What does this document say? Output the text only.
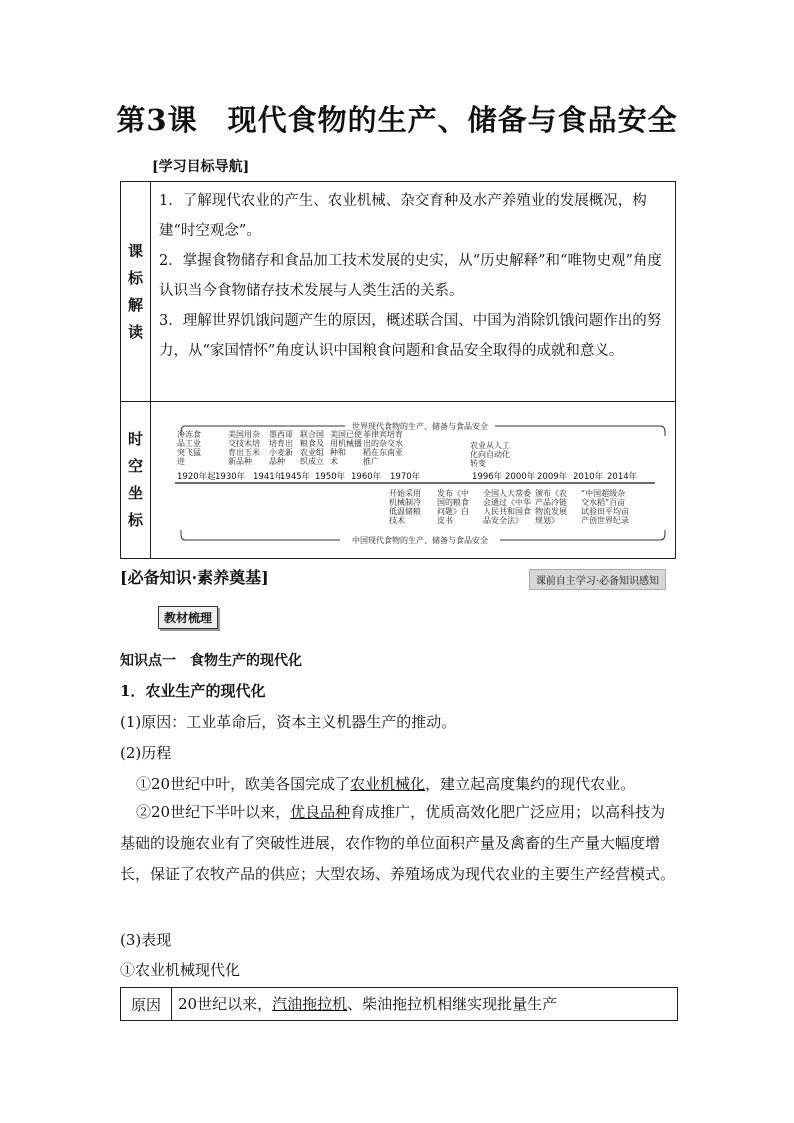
第3课　现代食物的生产、储备与食品安全
[学习目标导航]
课
标
解
读

1．了解现代农业的产生、农业机械、杂交育种及水产养殖业的发展概况，构建“时空观念”。

2．掌握食物储存和食品加工技术发展的史实，从“历史解释”和“唯物史观”角度认识当今食物储存技术发展与人类生活的关系。

3．理解世界饥饿问题产生的原因，概述联合国、中国为消除饥饿问题作出的努力，从“家国情怀”角度认识中国粮食问题和食品安全取得的成就和意义。

时
空
坐
标
世界现代食物的生产、储备与食品安全
中国现代食物的生产、储备与食品安全
1920年起 1930年 1941年
1945年 1950年 1960年 1970年	1996年 2000年 2009年 2010年 2014年
冷冻食
品工业
突飞猛
进
美国用杂
交技术培
育出玉米
新品种
墨西哥
培育出
小麦新
品种
联合国
粮食及
农业组
织成立
美国已使
用机械播
种和
术
菲律宾培育
出的杂交水
稻在东南亚
推广
农业从人工
化向自动化
转变
开始采用
机械制冷
低温储粮
技术
发布《中
国的粮食
问题》白
皮书
全国人大常委
会通过《中华
人民共和国食
品安全法》
颁布《农
产品冷链
物流发展
规划》
“中国超级杂
交水稻”百亩
试验田平均亩
产创世界纪录
[必备知识·素养奠基]	课前自主学习·必备知识感知
教材梳理
知识点一　食物生产的现代化
1．农业生产的现代化
(1)原因：工业革命后，资本主义机器生产的推动。
(2)历程
①20世纪中叶，欧美各国完成了农业机械化，建立起高度集约的现代农业。
②20世纪下半叶以来，优良品种育成推广，优质高效化肥广泛应用；以高科技为基础的设施农业有了突破性进展，农作物的单位面积产量及禽畜的生产量大幅度增长，保证了农牧产品的供应；大型农场、养殖场成为现代农业的主要生产经营模式。
(3)表现
①农业机械现代化
原因	20世纪以来，汽油拖拉机、柴油拖拉机相继实现批量生产
